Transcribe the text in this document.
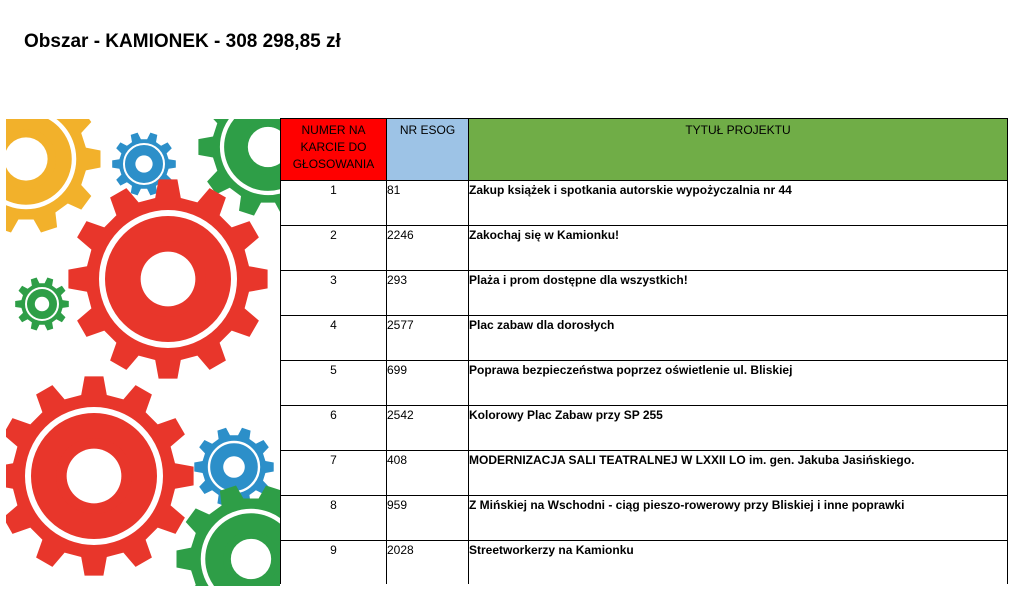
Obszar - KAMIONEK - 308 298,85 zł
NUMER NA KARCIE DO GŁOSOWANIA	NR ESOG	TYTUŁ PROJEKTU
1	81	Zakup książek i spotkania autorskie wypożyczalnia nr 44
2	2246	Zakochaj się w Kamionku!
3	293	Plaża i prom dostępne dla wszystkich!
4	2577	Plac zabaw dla dorosłych
5	699	Poprawa bezpieczeństwa poprzez oświetlenie ul. Bliskiej
6	2542	Kolorowy Plac Zabaw przy SP 255
7	408	MODERNIZACJA SALI TEATRALNEJ W LXXII LO im. gen. Jakuba Jasińskiego.
8	959	Z Mińskiej na Wschodni - ciąg pieszo-rowerowy przy Bliskiej i inne poprawki
9	2028	Streetworkerzy na Kamionku
